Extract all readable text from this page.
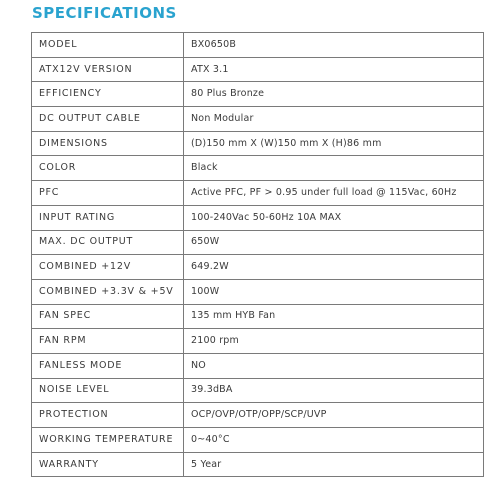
SPECIFICATIONS
MODEL	BX0650B
ATX12V VERSION	ATX 3.1
EFFICIENCY	80 Plus Bronze
DC OUTPUT CABLE	Non Modular
DIMENSIONS	(D)150 mm X (W)150 mm X (H)86 mm
COLOR	Black
PFC	Active PFC, PF > 0.95 under full load @ 115Vac, 60Hz
INPUT RATING	100-240Vac 50-60Hz 10A MAX
MAX. DC OUTPUT	650W
COMBINED +12V	649.2W
COMBINED +3.3V & +5V	100W
FAN SPEC	135 mm HYB Fan
FAN RPM	2100 rpm
FANLESS MODE	NO
NOISE LEVEL	39.3dBA
PROTECTION	OCP/OVP/OTP/OPP/SCP/UVP
WORKING TEMPERATURE	0~40°C
WARRANTY	5 Year
